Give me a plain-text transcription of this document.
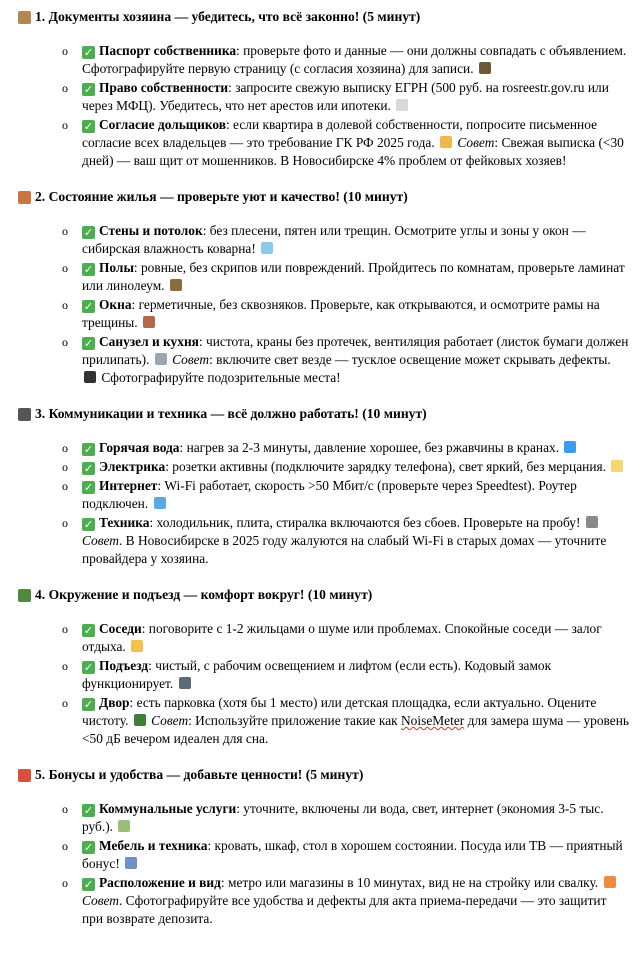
1. Документы хозяина — убедитесь, что всё законно! (5 минут)
o ✓ Паспорт собственника: проверьте фото и данные — они должны совпадать с объявлением. Сфотографируйте первую страницу (с согласия хозяина) для записи.
o ✓ Право собственности: запросите свежую выписку ЕГРН (500 руб. на rosreestr.gov.ru или через МФЦ). Убедитесь, что нет арестов или ипотеки.
o ✓ Согласие дольщиков: если квартира в долевой собственности, попросите письменное согласие всех владельцев — это требование ГК РФ 2025 года. Совет: Свежая выписка (<30 дней) — ваш щит от мошенников. В Новосибирске 4% проблем от фейковых хозяев!
2. Состояние жилья — проверьте уют и качество! (10 минут)
o ✓ Стены и потолок: без плесени, пятен или трещин. Осмотрите углы и зоны у окон — сибирская влажность коварна!
o ✓ Полы: ровные, без скрипов или повреждений. Пройдитесь по комнатам, проверьте ламинат или линолеум.
o ✓ Окна: герметичные, без сквозняков. Проверьте, как открываются, и осмотрите рамы на трещины.
o ✓ Санузел и кухня: чистота, краны без протечек, вентиляция работает (листок бумаги должен прилипать). Совет: включите свет везде — тусклое освещение может скрывать дефекты.  Сфотографируйте подозрительные места!
3. Коммуникации и техника — всё должно работать! (10 минут)
o ✓ Горячая вода: нагрев за 2-3 минуты, давление хорошее, без ржавчины в кранах.
o ✓ Электрика: розетки активны (подключите зарядку телефона), свет яркий, без мерцания.
o ✓ Интернет: Wi-Fi работает, скорость >50 Мбит/с (проверьте через Speedtest). Роутер подключен.
o ✓ Техника: холодильник, плита, стиралка включаются без сбоев. Проверьте на пробу!  Совет. В Новосибирске в 2025 году жалуются на слабый Wi-Fi в старых домах — уточните провайдера у хозяина.
4. Окружение и подъезд — комфорт вокруг! (10 минут)
o ✓ Соседи: поговорите с 1-2 жильцами о шуме или проблемах. Спокойные соседи — залог отдыха.
o ✓ Подъезд: чистый, с рабочим освещением и лифтом (если есть). Кодовый замок функционирует.
o ✓ Двор: есть парковка (хотя бы 1 место) или детская площадка, если актуально. Оцените чистоту. Совет: Используйте приложение такие как NoiseMeter для замера шума — уровень <50 дБ вечером идеален для сна.
5. Бонусы и удобства — добавьте ценности! (5 минут)
o ✓ Коммунальные услуги: уточните, включены ли вода, свет, интернет (экономия 3-5 тыс. руб.).
o ✓ Мебель и техника: кровать, шкаф, стол в хорошем состоянии. Посуда или ТВ — приятный бонус!
o ✓ Расположение и вид: метро или магазины в 10 минутах, вид не на стройку или свалку.  Совет. Сфотографируйте все удобства и дефекты для акта приема-передачи — это защитит при возврате депозита.
